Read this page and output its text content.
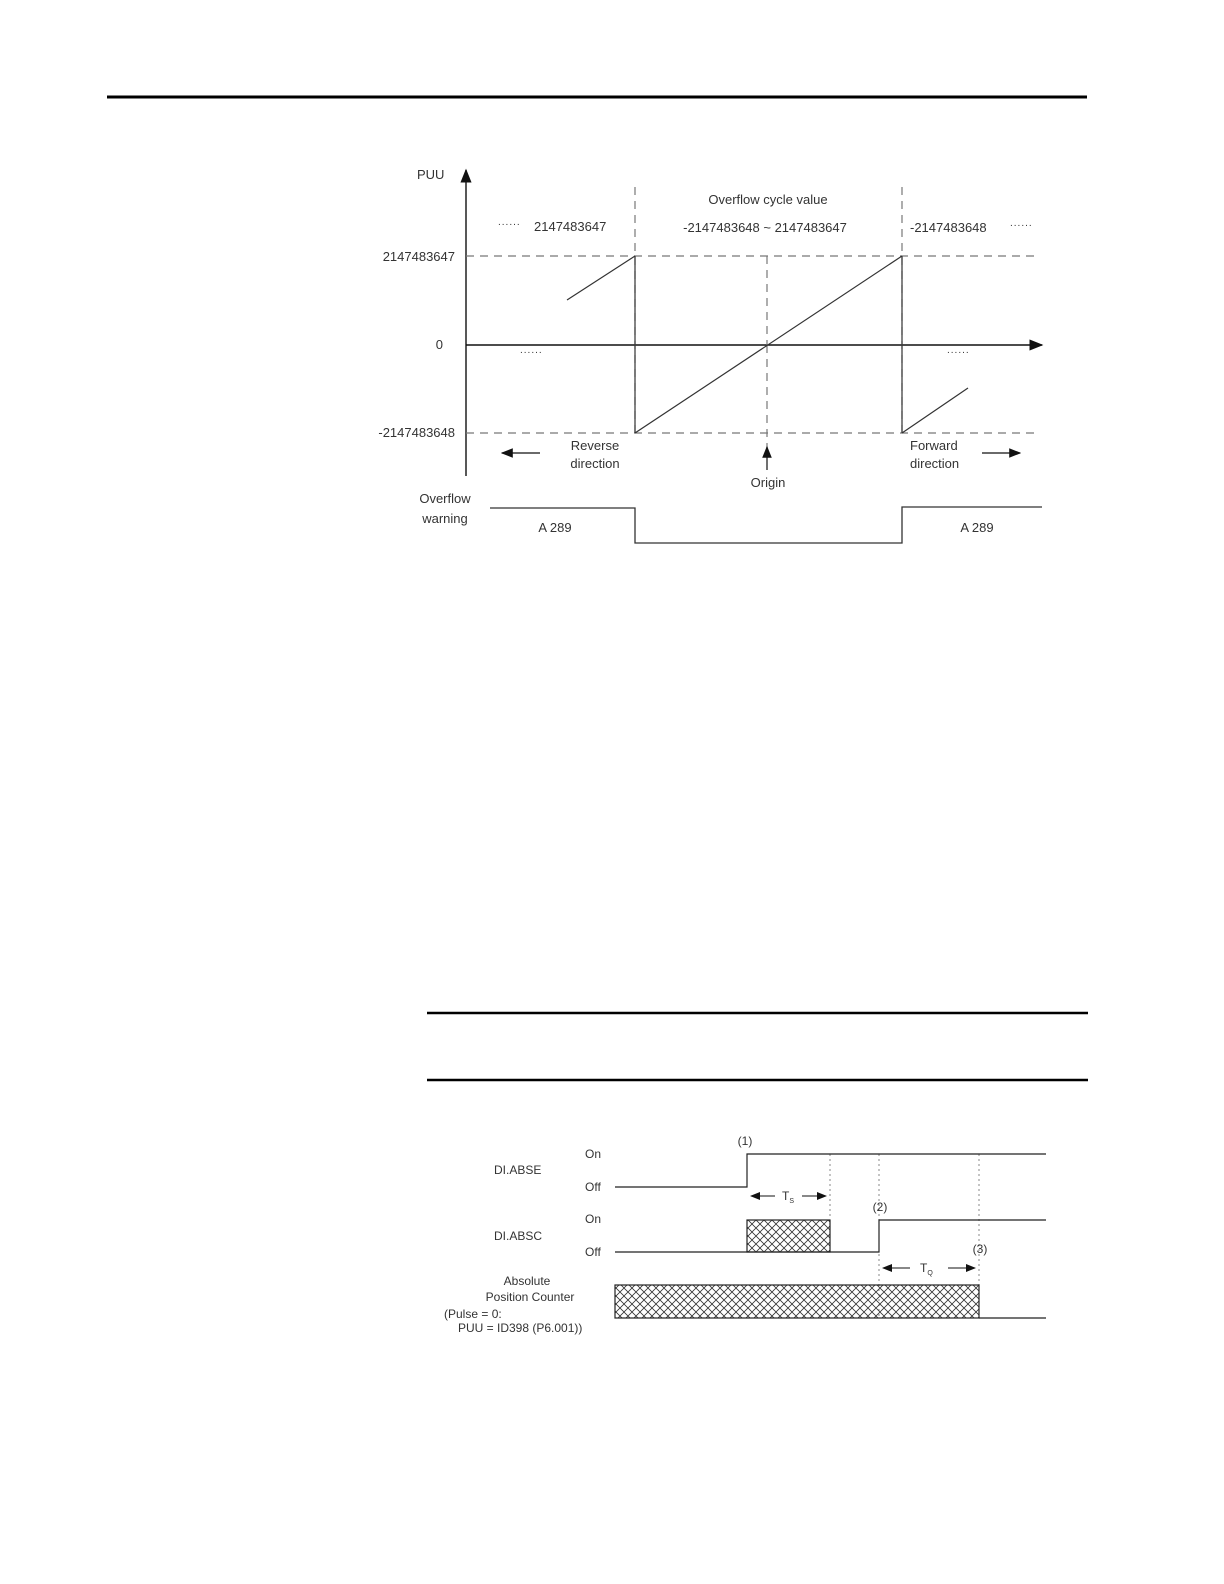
PUU
2147483647
0
-2147483648
...... 2147483647
Overflow cycle value
-2147483648 ~ 2147483647	-2147483648 ......
......	......
Reverse
direction
Forward
direction
Origin
Overflow
warning
A 289	A 289
DI.ABSE
DI.ABSC
On
Off
On
Off
(1)
(2)
(3)
$T_S$
$T_Q$
Absolute
Position Counter
(Pulse = 0:
PUU = ID398 (P6.001))
